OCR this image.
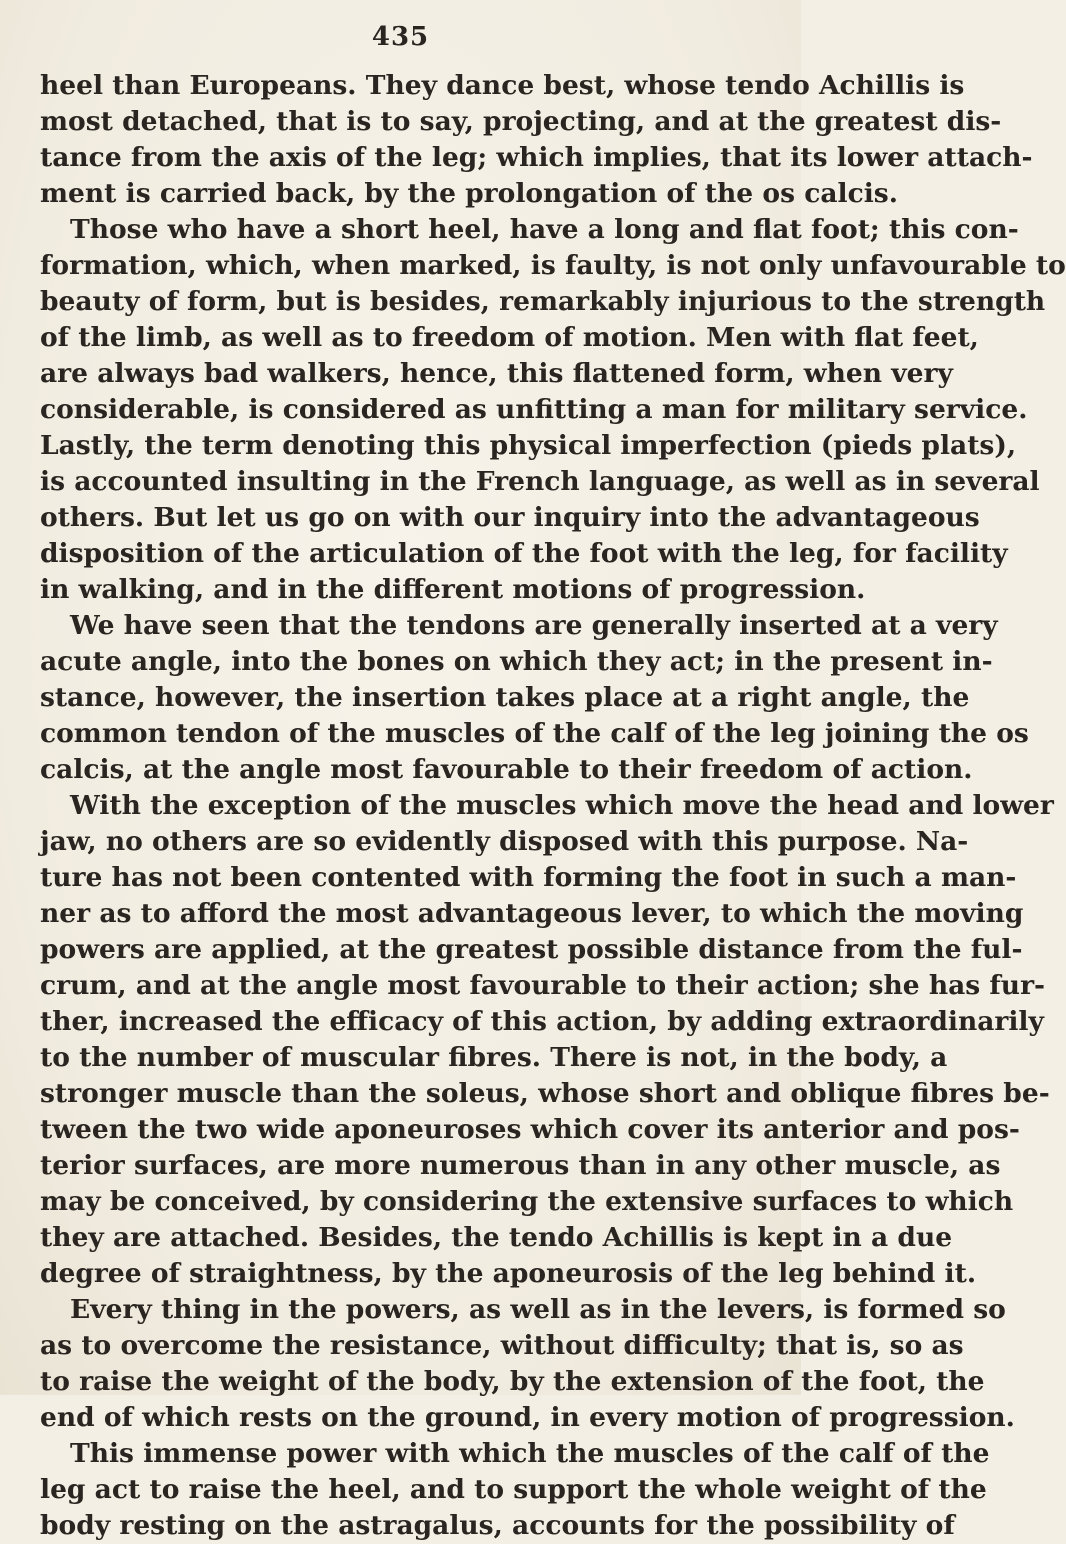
435
heel than Europeans. They dance best, whose tendo Achillis is
most detached, that is to say, projecting, and at the greatest dis-
tance from the axis of the leg; which implies, that its lower attach-
ment is carried back, by the prolongation of the os calcis.
Those who have a short heel, have a long and flat foot; this con-
formation, which, when marked, is faulty, is not only unfavourable to
beauty of form, but is besides, remarkably injurious to the strength
of the limb, as well as to freedom of motion. Men with flat feet,
are always bad walkers, hence, this flattened form, when very
considerable, is considered as unfitting a man for military service.
Lastly, the term denoting this physical imperfection (pieds plats),
is accounted insulting in the French language, as well as in several
others. But let us go on with our inquiry into the advantageous
disposition of the articulation of the foot with the leg, for facility
in walking, and in the different motions of progression.
We have seen that the tendons are generally inserted at a very
acute angle, into the bones on which they act; in the present in-
stance, however, the insertion takes place at a right angle, the
common tendon of the muscles of the calf of the leg joining the os
calcis, at the angle most favourable to their freedom of action.
With the exception of the muscles which move the head and lower
jaw, no others are so evidently disposed with this purpose. Na-
ture has not been contented with forming the foot in such a man-
ner as to afford the most advantageous lever, to which the moving
powers are applied, at the greatest possible distance from the ful-
crum, and at the angle most favourable to their action; she has fur-
ther, increased the efficacy of this action, by adding extraordinarily
to the number of muscular fibres. There is not, in the body, a
stronger muscle than the soleus, whose short and oblique fibres be-
tween the two wide aponeuroses which cover its anterior and pos-
terior surfaces, are more numerous than in any other muscle, as
may be conceived, by considering the extensive surfaces to which
they are attached. Besides, the tendo Achillis is kept in a due
degree of straightness, by the aponeurosis of the leg behind it.
Every thing in the powers, as well as in the levers, is formed so
as to overcome the resistance, without difficulty; that is, so as
to raise the weight of the body, by the extension of the foot, the
end of which rests on the ground, in every motion of progression.
This immense power with which the muscles of the calf of the
leg act to raise the heel, and to support the whole weight of the
body resting on the astragalus, accounts for the possibility of
